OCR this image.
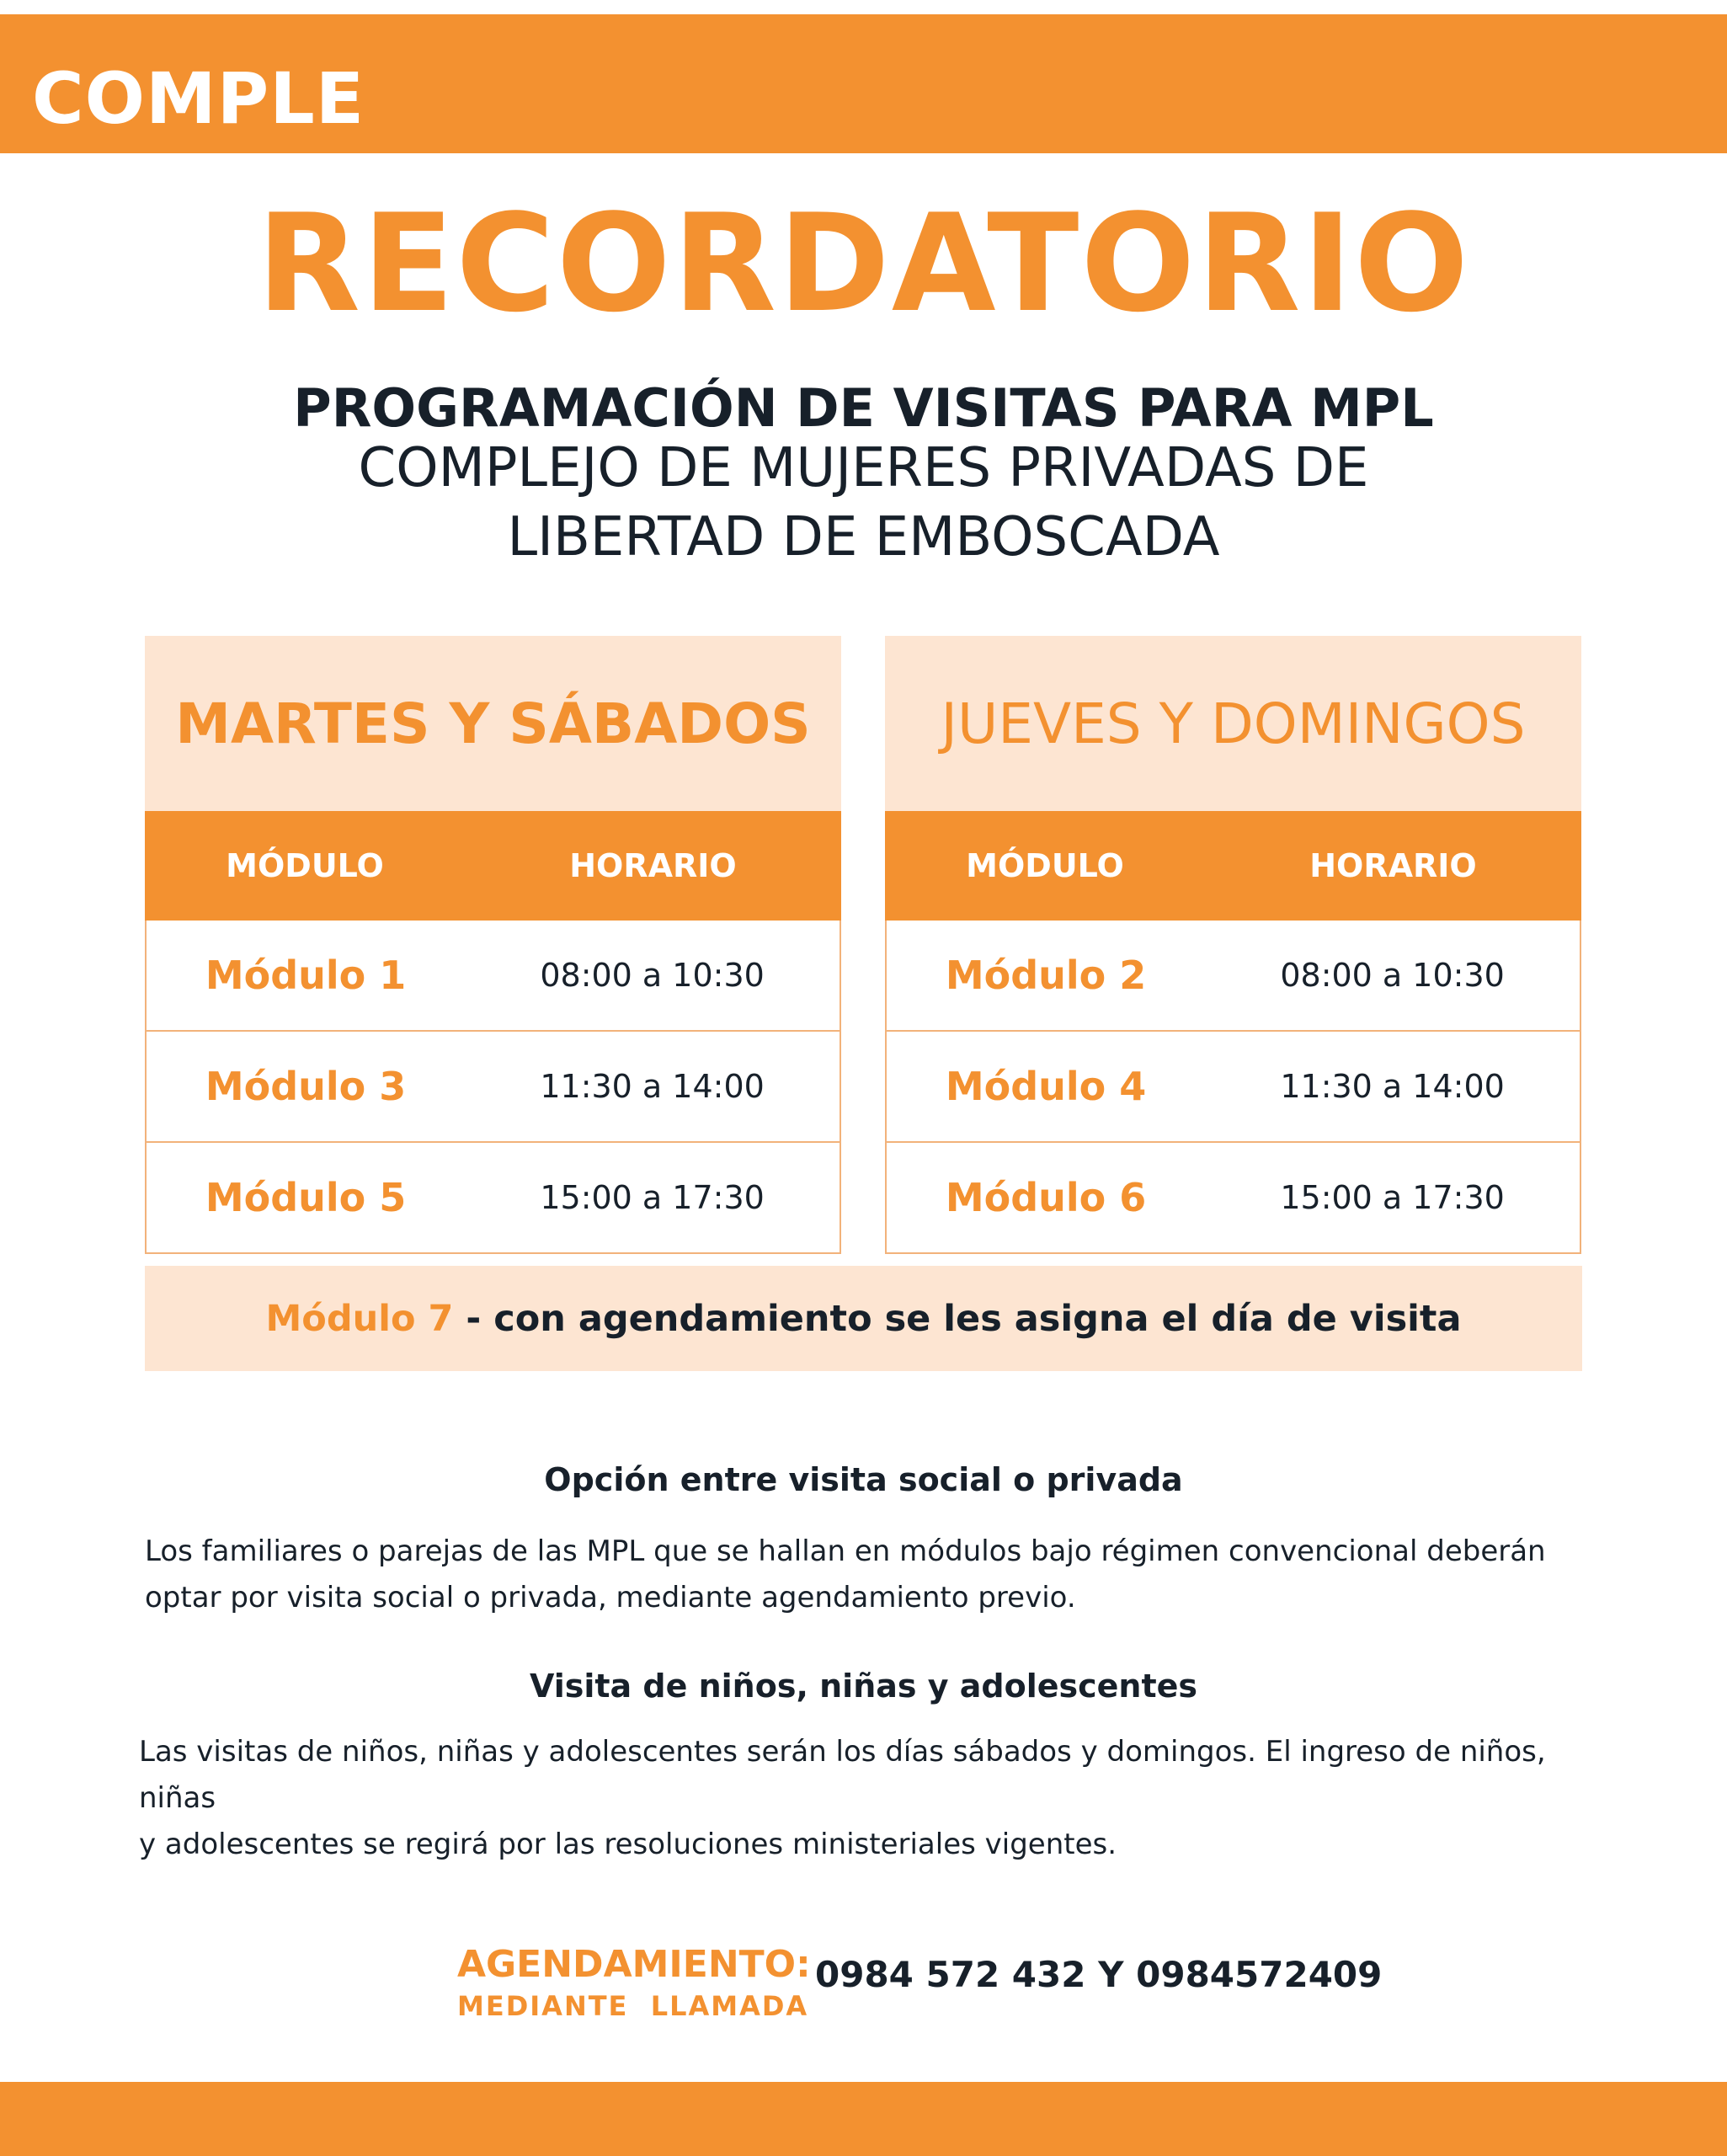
COMPLE
RECORDATORIO
PROGRAMACIÓN DE VISITAS PARA MPL
COMPLEJO DE MUJERES PRIVADAS DE
LIBERTAD DE EMBOSCADA
MARTES Y SÁBADOS
MÓDULO	HORARIO
Módulo 1	08:00 a 10:30
Módulo 3	11:30 a 14:00
Módulo 5	15:00 a 17:30
JUEVES Y DOMINGOS
MÓDULO	HORARIO
Módulo 2	08:00 a 10:30
Módulo 4	11:30 a 14:00
Módulo 6	15:00 a 17:30
Módulo 7 - con agendamiento se les asigna el día de visita
Opción entre visita social o privada
Los familiares o parejas de las MPL que se hallan en módulos bajo régimen convencional deberán
optar por visita social o privada, mediante agendamiento previo.
Visita de niños, niñas y adolescentes
Las visitas de niños, niñas y adolescentes serán los días sábados y domingos. El ingreso de niños, niñas
y adolescentes se regirá por las resoluciones ministeriales vigentes.
AGENDAMIENTO:
MEDIANTE  LLAMADA
0984 572 432 Y 0984572409
